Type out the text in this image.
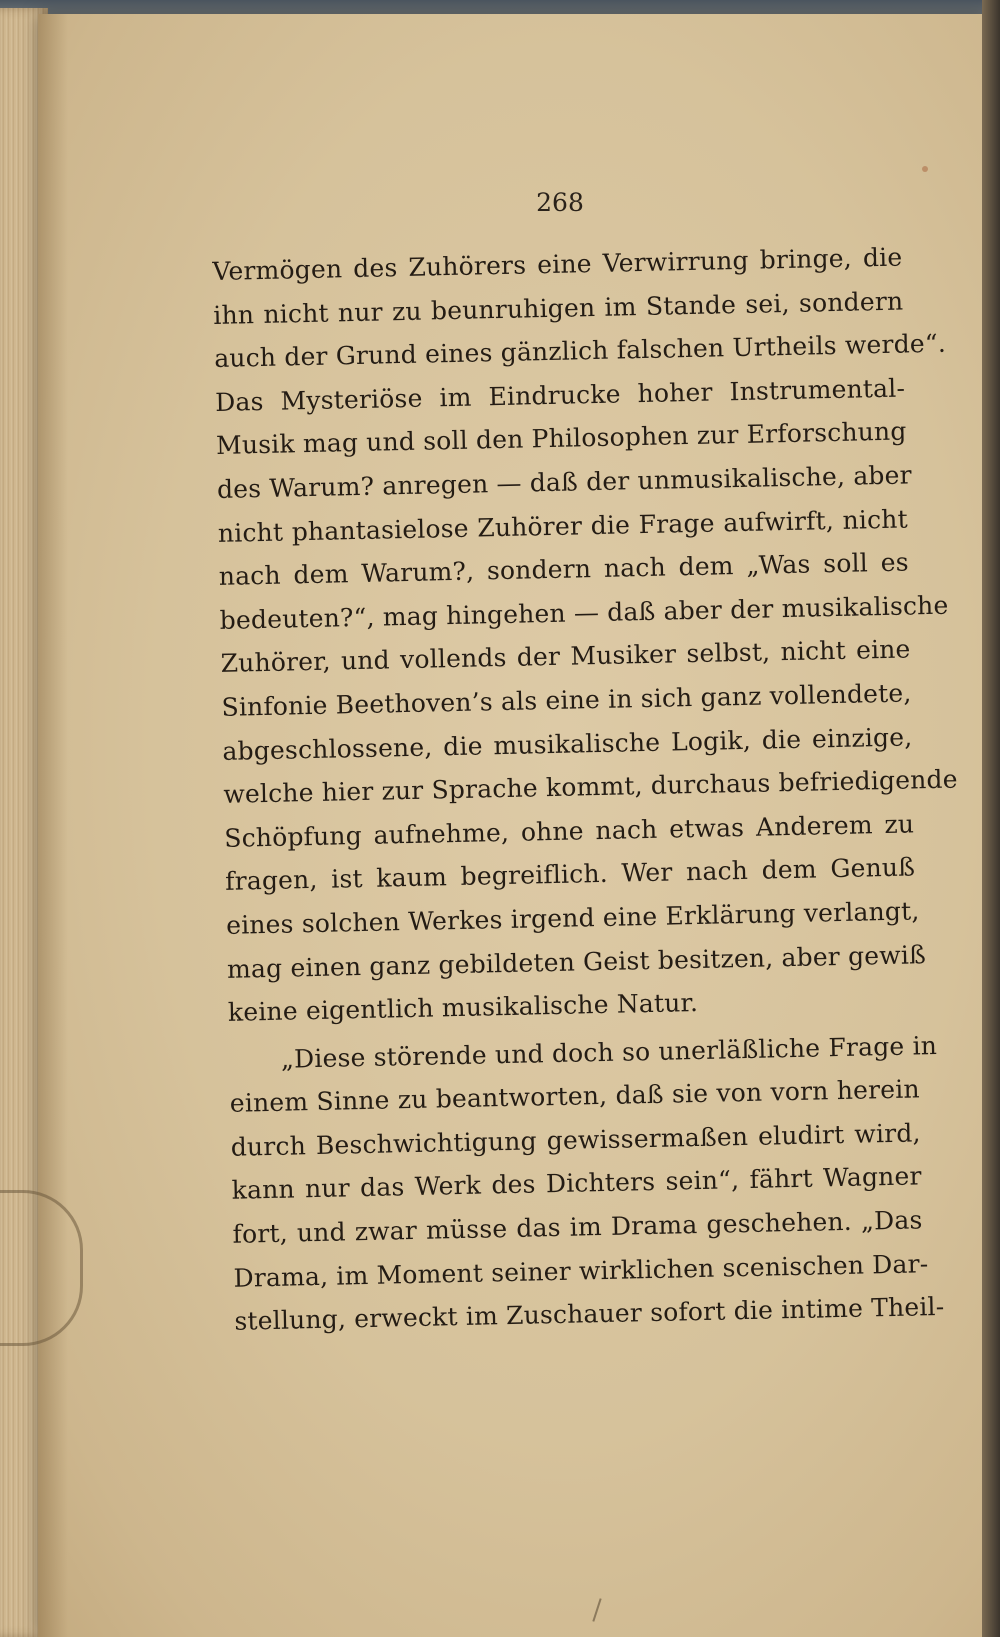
268
Vermögen des Zuhörers eine Verwirrung bringe, die
ihn nicht nur zu beunruhigen im Stande sei, sondern
auch der Grund eines gänzlich falschen Urtheils werde“.
Das Mysteriöse im Eindrucke hoher Instrumental-
Musik mag und soll den Philosophen zur Erforschung
des Warum? anregen — daß der unmusikalische, aber
nicht phantasielose Zuhörer die Frage aufwirft, nicht
nach dem Warum?, sondern nach dem „Was soll es
bedeuten?“, mag hingehen — daß aber der musikalische
Zuhörer, und vollends der Musiker selbst, nicht eine
Sinfonie Beethoven’s als eine in sich ganz vollendete,
abgeschlossene, die musikalische Logik, die einzige,
welche hier zur Sprache kommt, durchaus befriedigende
Schöpfung aufnehme, ohne nach etwas Anderem zu
fragen, ist kaum begreiflich. Wer nach dem Genuß
eines solchen Werkes irgend eine Erklärung verlangt,
mag einen ganz gebildeten Geist besitzen, aber gewiß
keine eigentlich musikalische Natur.
„Diese störende und doch so unerläßliche Frage in
einem Sinne zu beantworten, daß sie von vorn herein
durch Beschwichtigung gewissermaßen eludirt wird,
kann nur das Werk des Dichters sein“, fährt Wagner
fort, und zwar müsse das im Drama geschehen. „Das
Drama, im Moment seiner wirklichen scenischen Dar-
stellung, erweckt im Zuschauer sofort die intime Theil-
